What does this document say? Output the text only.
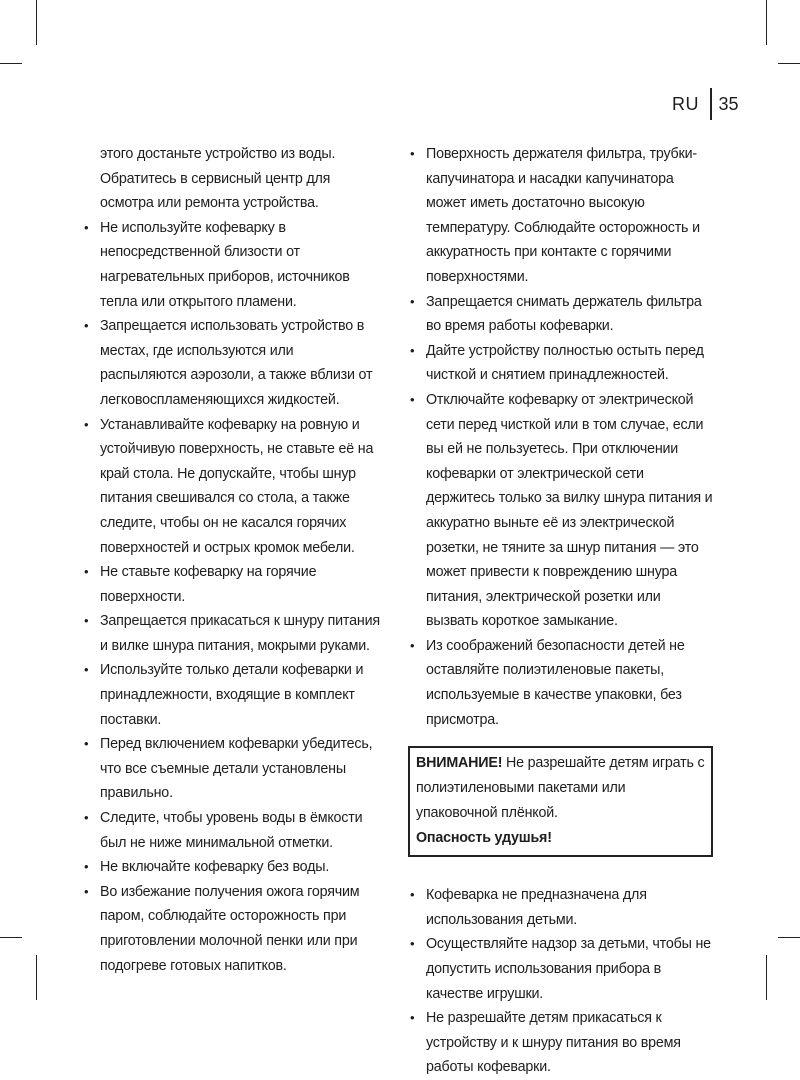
RU	35
этого достаньте устройство из воды. Обратитесь в сервисный центр для осмотра или ремонта устройства.
• Не используйте кофеварку в непосредственной близости от нагревательных приборов, источников тепла или открытого пламени.
• Запрещается использовать устройство в местах, где используются или распыляются аэрозоли, а также вблизи от легковоспламеняющихся жидкостей.
• Устанавливайте кофеварку на ровную и устойчивую поверхность, не ставьте её на край стола. Не допускайте, чтобы шнур питания свешивался со стола, а также следите, чтобы он не касался горячих поверхностей и острых кромок мебели.
• Не ставьте кофеварку на горячие поверхности.
• Запрещается прикасаться к шнуру питания и вилке шнура питания, мокрыми руками.
• Используйте только детали кофеварки и принадлежности, входящие в комплект поставки.
• Перед включением кофеварки убедитесь, что все съемные детали установлены правильно.
• Следите, чтобы уровень воды в ёмкости был не ниже минимальной отметки.
• Не включайте кофеварку без воды.
• Во избежание получения ожога горячим паром, соблюдайте осторожность при приготовлении молочной пенки или при подогреве готовых напитков.
• Поверхность держателя фильтра, трубки-капучинатора и насадки капучинатора может иметь достаточно высокую температуру. Соблюдайте осторожность и аккуратность при контакте с горячими поверхностями.
• Запрещается снимать держатель фильтра во время работы кофеварки.
• Дайте устройству полностью остыть перед чисткой и снятием принадлежностей.
• Отключайте кофеварку от электрической сети перед чисткой или в том случае, если вы ей не пользуетесь. При отключении кофеварки от электрической сети держитесь только за вилку шнура питания и аккуратно выньте её из электрической розетки, не тяните за шнур питания — это может привести к повреждению шнура питания, электрической розетки или вызвать короткое замыкание.
• Из соображений безопасности детей не оставляйте полиэтиленовые пакеты, используемые в качестве упаковки, без присмотра.
ВНИМАНИЕ! Не разрешайте детям играть с полиэтиленовыми пакетами или упаковочной плёнкой.
Опасность удушья!
• Кофеварка не предназначена для использования детьми.
• Осуществляйте надзор за детьми, чтобы не допустить использования прибора в качестве игрушки.
• Не разрешайте детям прикасаться к устройству и к шнуру питания во время работы кофеварки.
